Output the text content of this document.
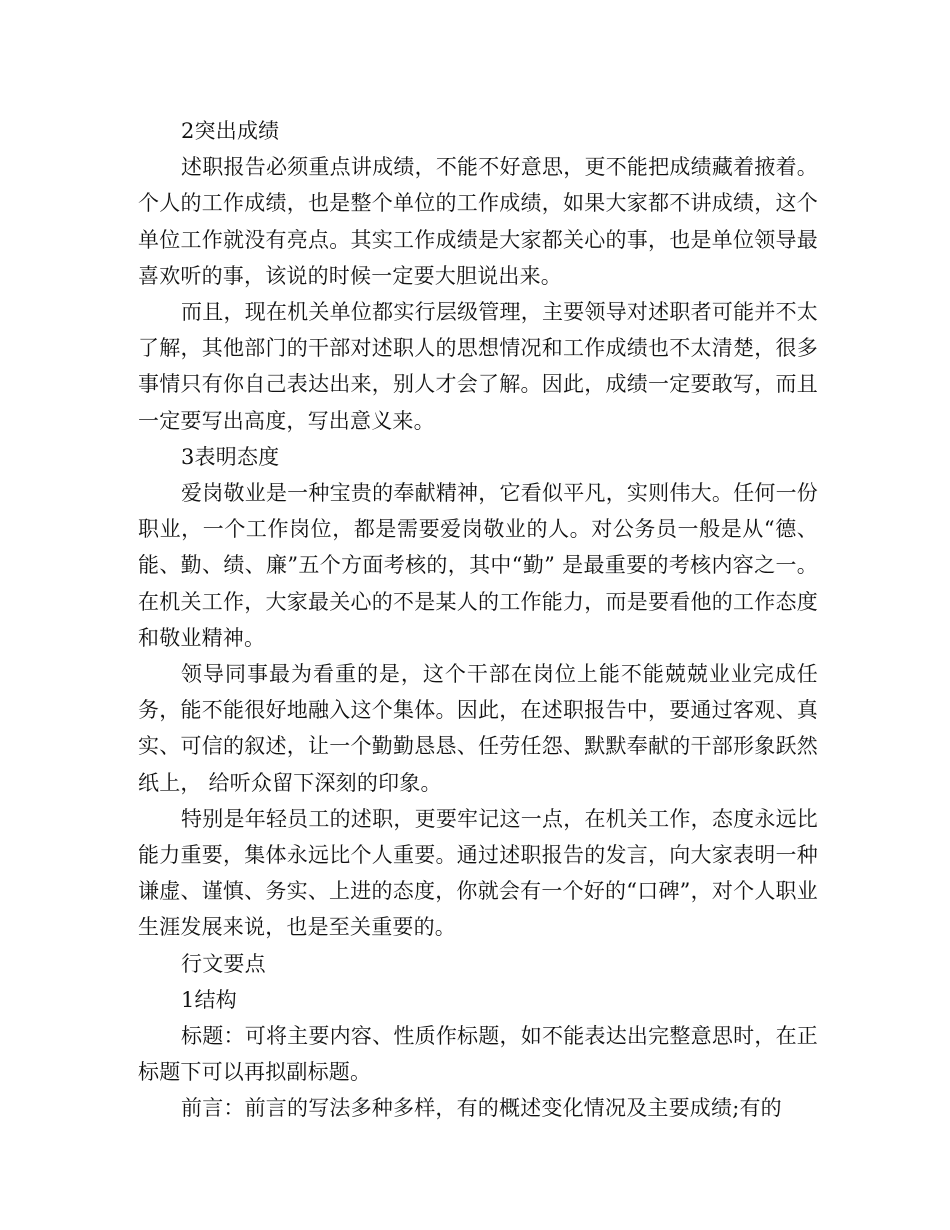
2突出成绩

述职报告必须重点讲成绩，不能不好意思，更不能把成绩藏着掖着。个人的工作成绩，也是整个单位的工作成绩，如果大家都不讲成绩，这个单位工作就没有亮点。其实工作成绩是大家都关心的事，也是单位领导最喜欢听的事，该说的时候一定要大胆说出来。

而且，现在机关单位都实行层级管理，主要领导对述职者可能并不太了解，其他部门的干部对述职人的思想情况和工作成绩也不太清楚，很多事情只有你自己表达出来，别人才会了解。因此，成绩一定要敢写，而且一定要写出高度，写出意义来。

3表明态度

爱岗敬业是一种宝贵的奉献精神，它看似平凡，实则伟大。任何一份职业，一个工作岗位，都是需要爱岗敬业的人。对公务员一般是从“德、能、勤、绩、廉”五个方面考核的，其中“勤” 是最重要的考核内容之一。在机关工作，大家最关心的不是某人的工作能力，而是要看他的工作态度和敬业精神。

领导同事最为看重的是，这个干部在岗位上能不能兢兢业业完成任务，能不能很好地融入这个集体。因此，在述职报告中，要通过客观、真实、可信的叙述，让一个勤勤恳恳、任劳任怨、默默奉献的干部形象跃然纸上， 给听众留下深刻的印象。

特别是年轻员工的述职，更要牢记这一点，在机关工作，态度永远比能力重要，集体永远比个人重要。通过述职报告的发言，向大家表明一种谦虚、谨慎、务实、上进的态度，你就会有一个好的“口碑”，对个人职业生涯发展来说，也是至关重要的。

行文要点

1结构

标题：可将主要内容、性质作标题，如不能表达出完整意思时，在正标题下可以再拟副标题。

前言：前言的写法多种多样，有的概述变化情况及主要成绩;有的
